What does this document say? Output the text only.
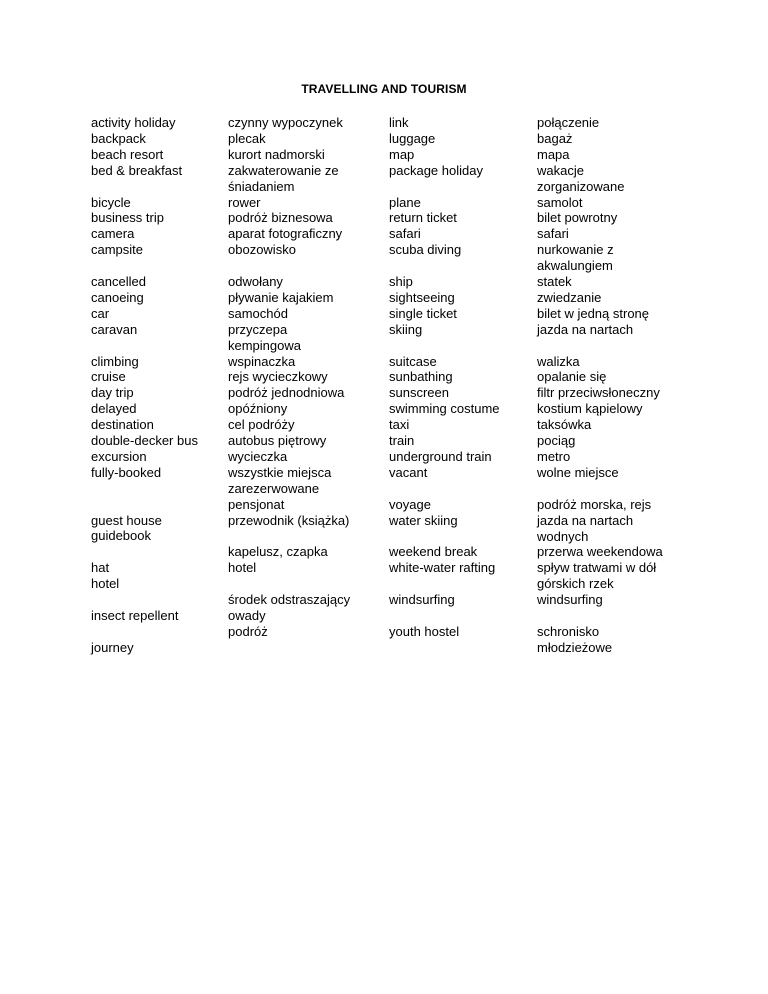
TRAVELLING AND TOURISM
activity holiday
backpack
beach resort
bed & breakfast
bicycle
business trip
camera
campsite
cancelled
canoeing
car
caravan
climbing
cruise
day trip
delayed
destination
double-decker bus
excursion
fully-booked
guest house
guidebook
hat
hotel
insect repellent
journey
czynny wypoczynek
plecak
kurort nadmorski
zakwaterowanie ze
śniadaniem
rower
podróż biznesowa
aparat fotograficzny
obozowisko
odwołany
pływanie kajakiem
samochód
przyczepa
kempingowa
wspinaczka
rejs wycieczkowy
podróż jednodniowa
opóźniony
cel podróży
autobus piętrowy
wycieczka
wszystkie miejsca
zarezerwowane
pensjonat
przewodnik (książka)
kapelusz, czapka
hotel
środek odstraszający
owady
podróż
link
luggage
map
package holiday
plane
return ticket
safari
scuba diving
ship
sightseeing
single ticket
skiing
suitcase
sunbathing
sunscreen
swimming costume
taxi
train
underground train
vacant
voyage
water skiing
weekend break
white-water rafting
windsurfing
youth hostel
połączenie
bagaż
mapa
wakacje
zorganizowane
samolot
bilet powrotny
safari
nurkowanie z
akwalungiem
statek
zwiedzanie
bilet w jedną stronę
jazda na nartach
walizka
opalanie się
filtr przeciwsłoneczny
kostium kąpielowy
taksówka
pociąg
metro
wolne miejsce
podróż morska, rejs
jazda na nartach
wodnych
przerwa weekendowa
spływ tratwami w dół
górskich rzek
windsurfing
schronisko
młodzieżowe
